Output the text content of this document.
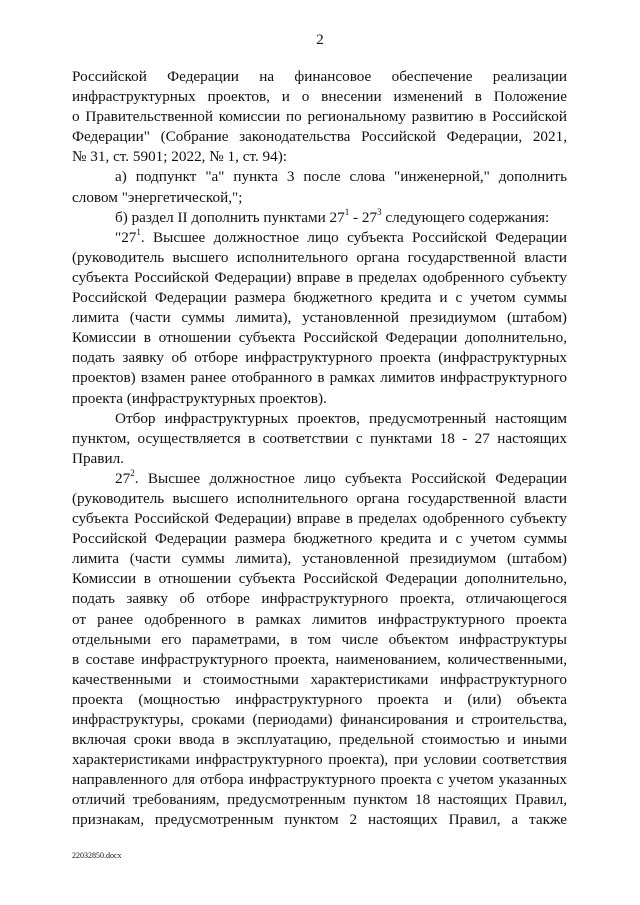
2

Российской Федерации на финансовое обеспечение реализации

инфраструктурных проектов, и о внесении изменений в Положение

о Правительственной комиссии по региональному развитию в Российской

Федерации" (Собрание законодательства Российской Федерации, 2021,

№ 31, ст. 5901; 2022, № 1, ст. 94):

а) подпункт "а" пункта 3 после слова "инженерной," дополнить

словом "энергетической,";

б) раздел II дополнить пунктами $27^1 - 27^3$ следующего содержания:

"$27^1$. Высшее должностное лицо субъекта Российской Федерации

(руководитель высшего исполнительного органа государственной власти

субъекта Российской Федерации) вправе в пределах одобренного субъекту

Российской Федерации размера бюджетного кредита и с учетом суммы

лимита (части суммы лимита), установленной президиумом (штабом)

Комиссии в отношении субъекта Российской Федерации дополнительно,

подать заявку об отборе инфраструктурного проекта (инфраструктурных

проектов) взамен ранее отобранного в рамках лимитов инфраструктурного

проекта (инфраструктурных проектов).

Отбор инфраструктурных проектов, предусмотренный настоящим

пунктом, осуществляется в соответствии с пунктами 18 - 27 настоящих

Правил.

$27^2$. Высшее должностное лицо субъекта Российской Федерации

(руководитель высшего исполнительного органа государственной власти

субъекта Российской Федерации) вправе в пределах одобренного субъекту

Российской Федерации размера бюджетного кредита и с учетом суммы

лимита (части суммы лимита), установленной президиумом (штабом)

Комиссии в отношении субъекта Российской Федерации дополнительно,

подать заявку об отборе инфраструктурного проекта, отличающегося

от ранее одобренного в рамках лимитов инфраструктурного проекта

отдельными его параметрами, в том числе объектом инфраструктуры

в составе инфраструктурного проекта, наименованием, количественными,

качественными и стоимостными характеристиками инфраструктурного

проекта (мощностью инфраструктурного проекта и (или) объекта

инфраструктуры, сроками (периодами) финансирования и строительства,

включая сроки ввода в эксплуатацию, предельной стоимостью и иными

характеристиками инфраструктурного проекта), при условии соответствия

направленного для отбора инфраструктурного проекта с учетом указанных

отличий требованиям, предусмотренным пунктом 18 настоящих Правил,

признакам, предусмотренным пунктом 2 настоящих Правил, а также

22032850.docx
